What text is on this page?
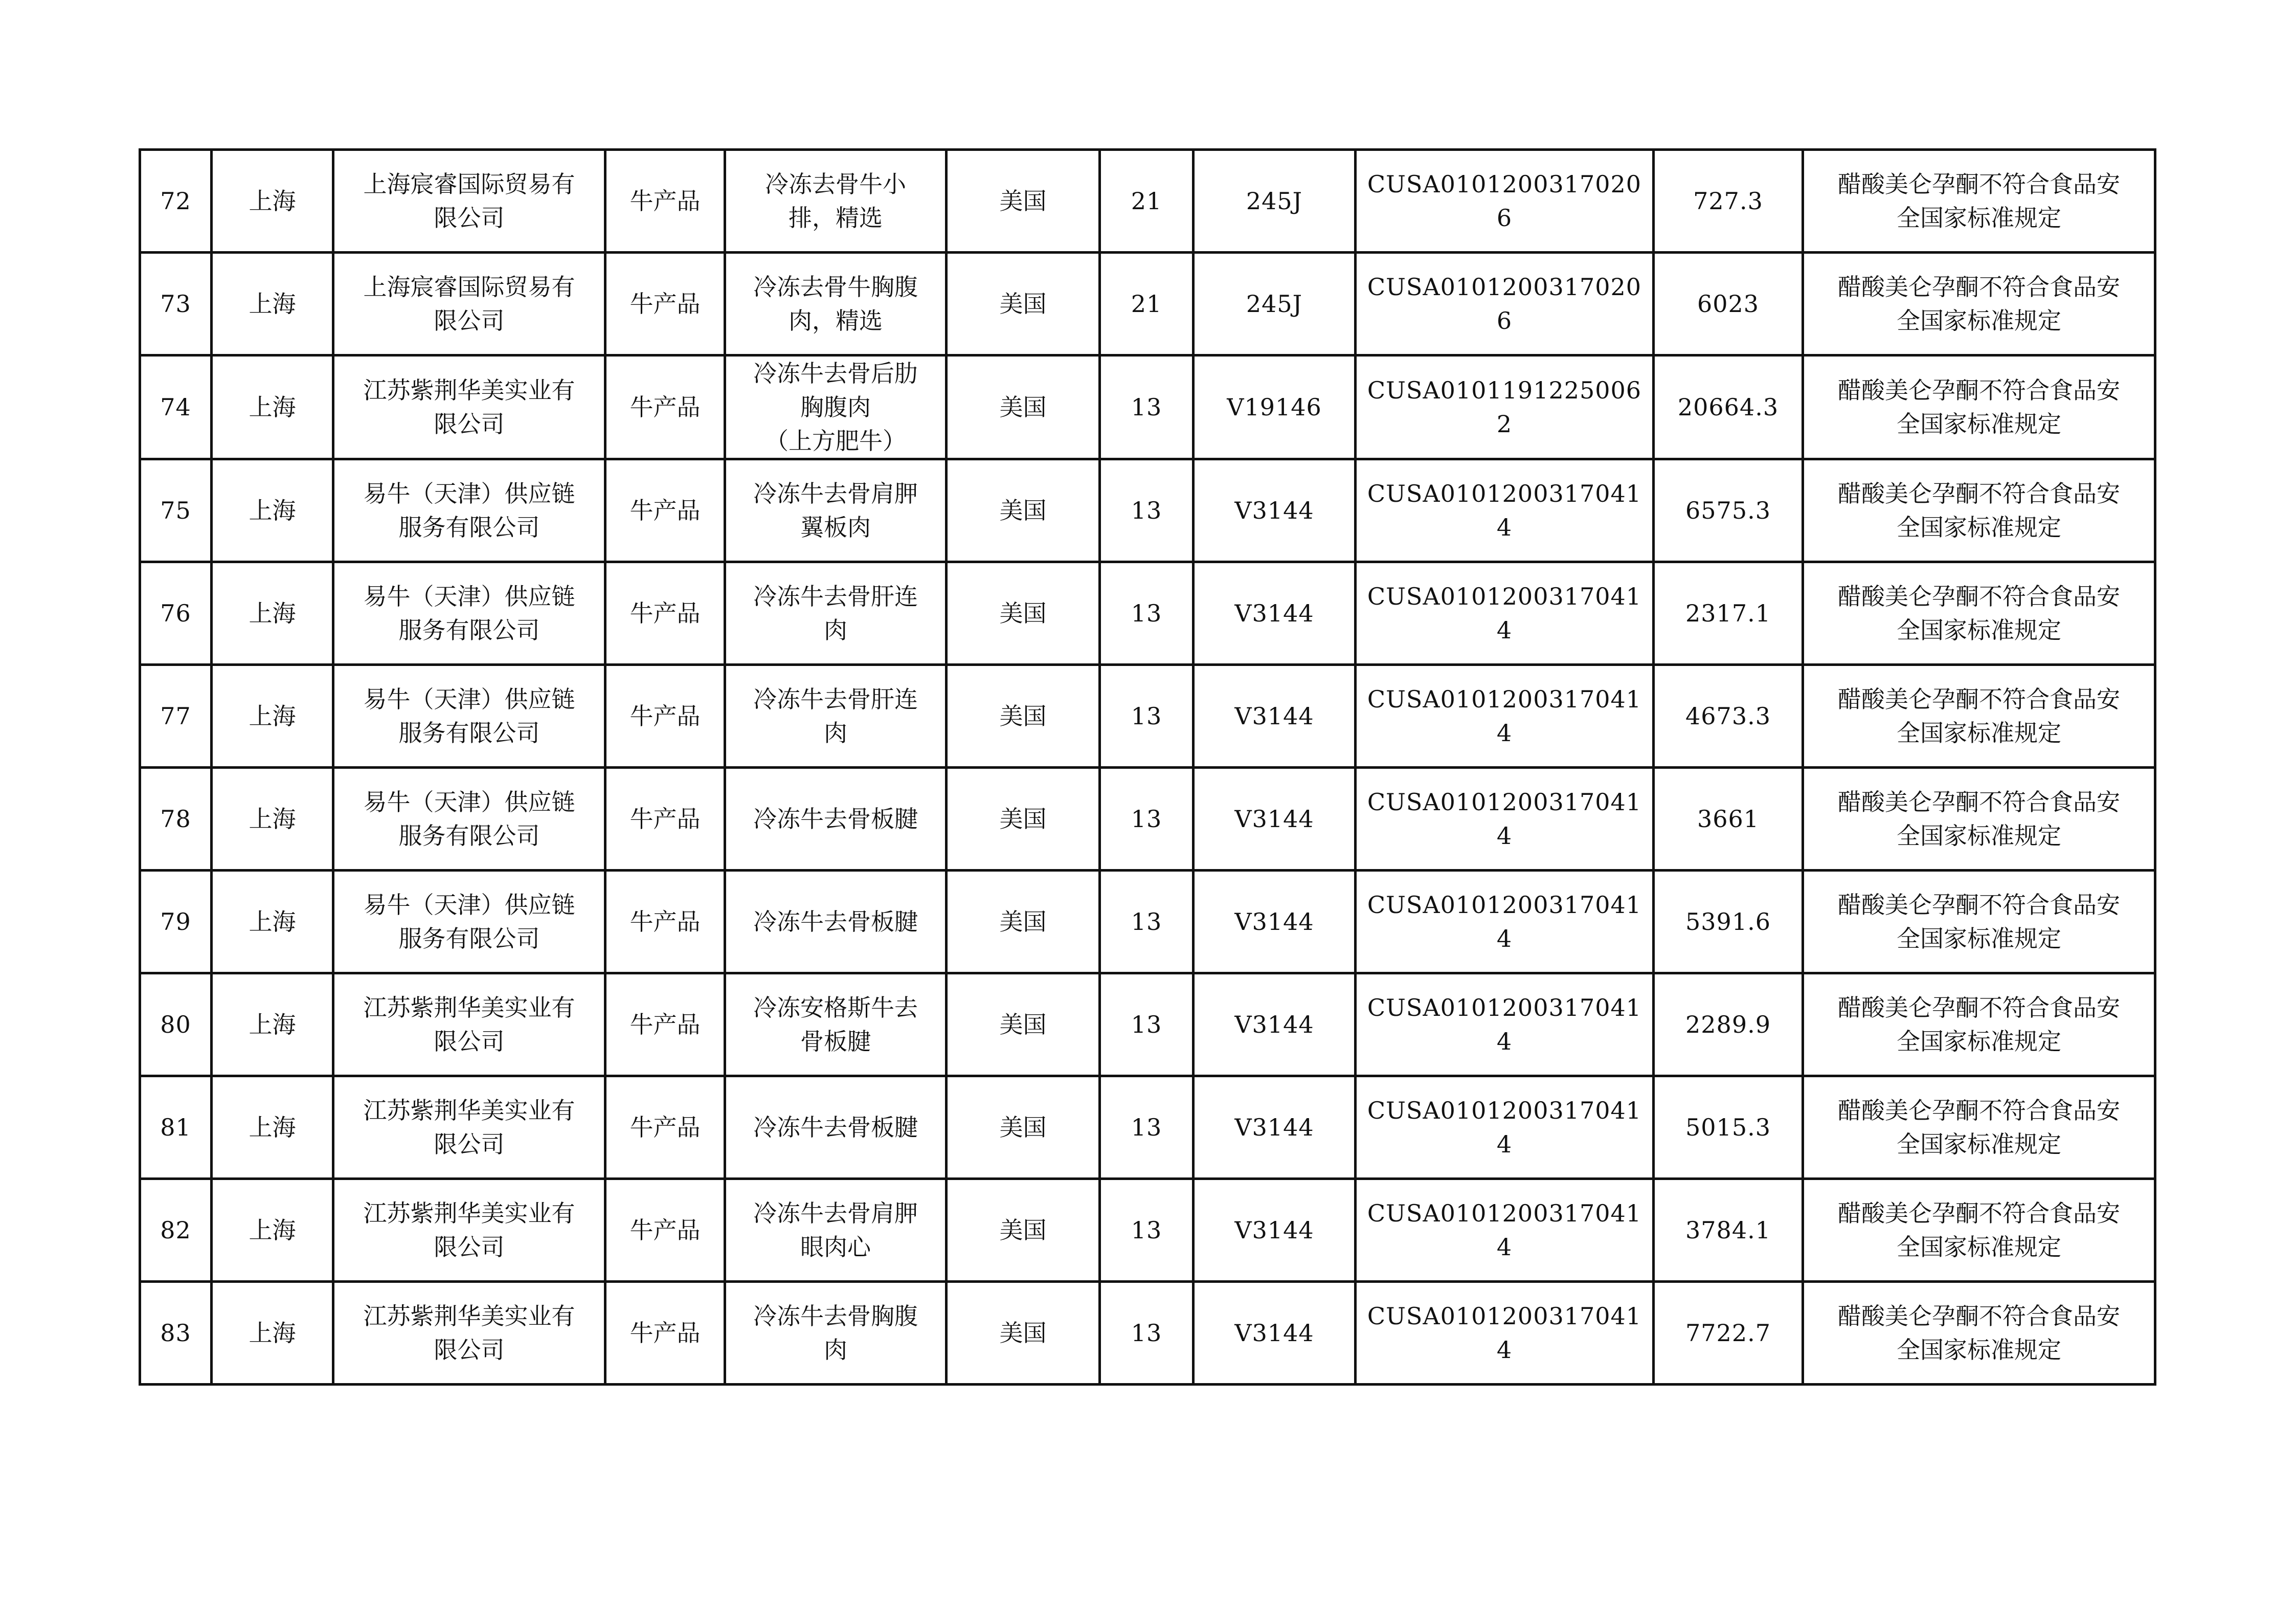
72	上海	上海宸睿国际贸易有
限公司	牛产品	冷冻去骨牛小
排，精选	美国	21	245J	CUSA01012003170206	727.3	醋酸美仑孕酮不符合食品安
全国家标准规定

73	上海	上海宸睿国际贸易有
限公司	牛产品	冷冻去骨牛胸腹
肉，精选	美国	21	245J	CUSA01012003170206	6023	醋酸美仑孕酮不符合食品安
全国家标准规定

74	上海	江苏紫荆华美实业有
限公司	牛产品	冷冻牛去骨后肋
胸腹肉
（上方肥牛）	美国	13	V19146	CUSA01011912250062	20664.3	醋酸美仑孕酮不符合食品安
全国家标准规定

75	上海	易牛（天津）供应链
服务有限公司	牛产品	冷冻牛去骨肩胛
翼板肉	美国	13	V3144	CUSA01012003170414	6575.3	醋酸美仑孕酮不符合食品安
全国家标准规定

76	上海	易牛（天津）供应链
服务有限公司	牛产品	冷冻牛去骨肝连
肉	美国	13	V3144	CUSA01012003170414	2317.1	醋酸美仑孕酮不符合食品安
全国家标准规定

77	上海	易牛（天津）供应链
服务有限公司	牛产品	冷冻牛去骨肝连
肉	美国	13	V3144	CUSA01012003170414	4673.3	醋酸美仑孕酮不符合食品安
全国家标准规定

78	上海	易牛（天津）供应链
服务有限公司	牛产品	冷冻牛去骨板腱	美国	13	V3144	CUSA01012003170414	3661	醋酸美仑孕酮不符合食品安
全国家标准规定

79	上海	易牛（天津）供应链
服务有限公司	牛产品	冷冻牛去骨板腱	美国	13	V3144	CUSA01012003170414	5391.6	醋酸美仑孕酮不符合食品安
全国家标准规定

80	上海	江苏紫荆华美实业有
限公司	牛产品	冷冻安格斯牛去
骨板腱	美国	13	V3144	CUSA01012003170414	2289.9	醋酸美仑孕酮不符合食品安
全国家标准规定

81	上海	江苏紫荆华美实业有
限公司	牛产品	冷冻牛去骨板腱	美国	13	V3144	CUSA01012003170414	5015.3	醋酸美仑孕酮不符合食品安
全国家标准规定

82	上海	江苏紫荆华美实业有
限公司	牛产品	冷冻牛去骨肩胛
眼肉心	美国	13	V3144	CUSA01012003170414	3784.1	醋酸美仑孕酮不符合食品安
全国家标准规定

83	上海	江苏紫荆华美实业有
限公司	牛产品	冷冻牛去骨胸腹
肉	美国	13	V3144	CUSA01012003170414	7722.7	醋酸美仑孕酮不符合食品安
全国家标准规定
